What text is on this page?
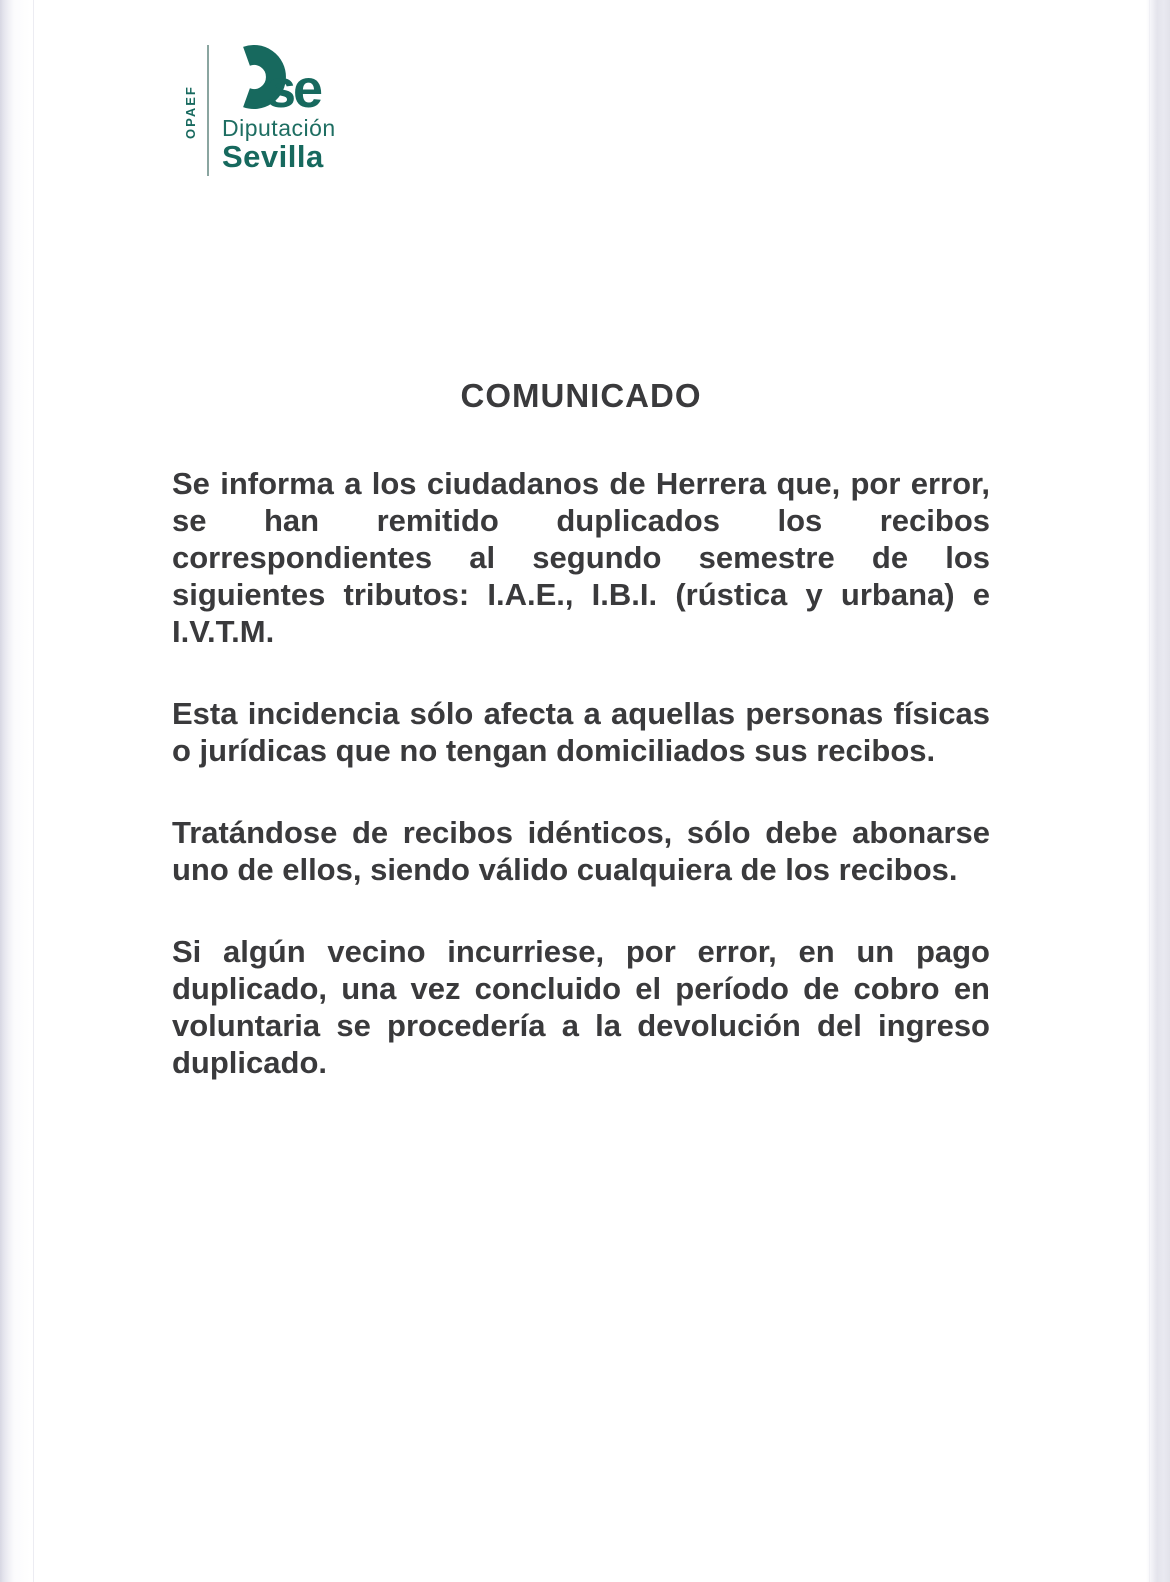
OPAEF se
Diputación
Sevilla
COMUNICADO

Se informa a los ciudadanos de Herrera que, por error, se han remitido duplicados los recibos correspondientes al segundo semestre de los siguientes tributos: I.A.E., I.B.I. (rústica y urbana) e I.V.T.M.

Esta incidencia sólo afecta a aquellas personas físicas o jurídicas que no tengan domiciliados sus recibos.

Tratándose de recibos idénticos, sólo debe abonarse uno de ellos, siendo válido cualquiera de los recibos.

Si algún vecino incurriese, por error, en un pago duplicado, una vez concluido el período de cobro en voluntaria se procedería a la devolución del ingreso duplicado.
